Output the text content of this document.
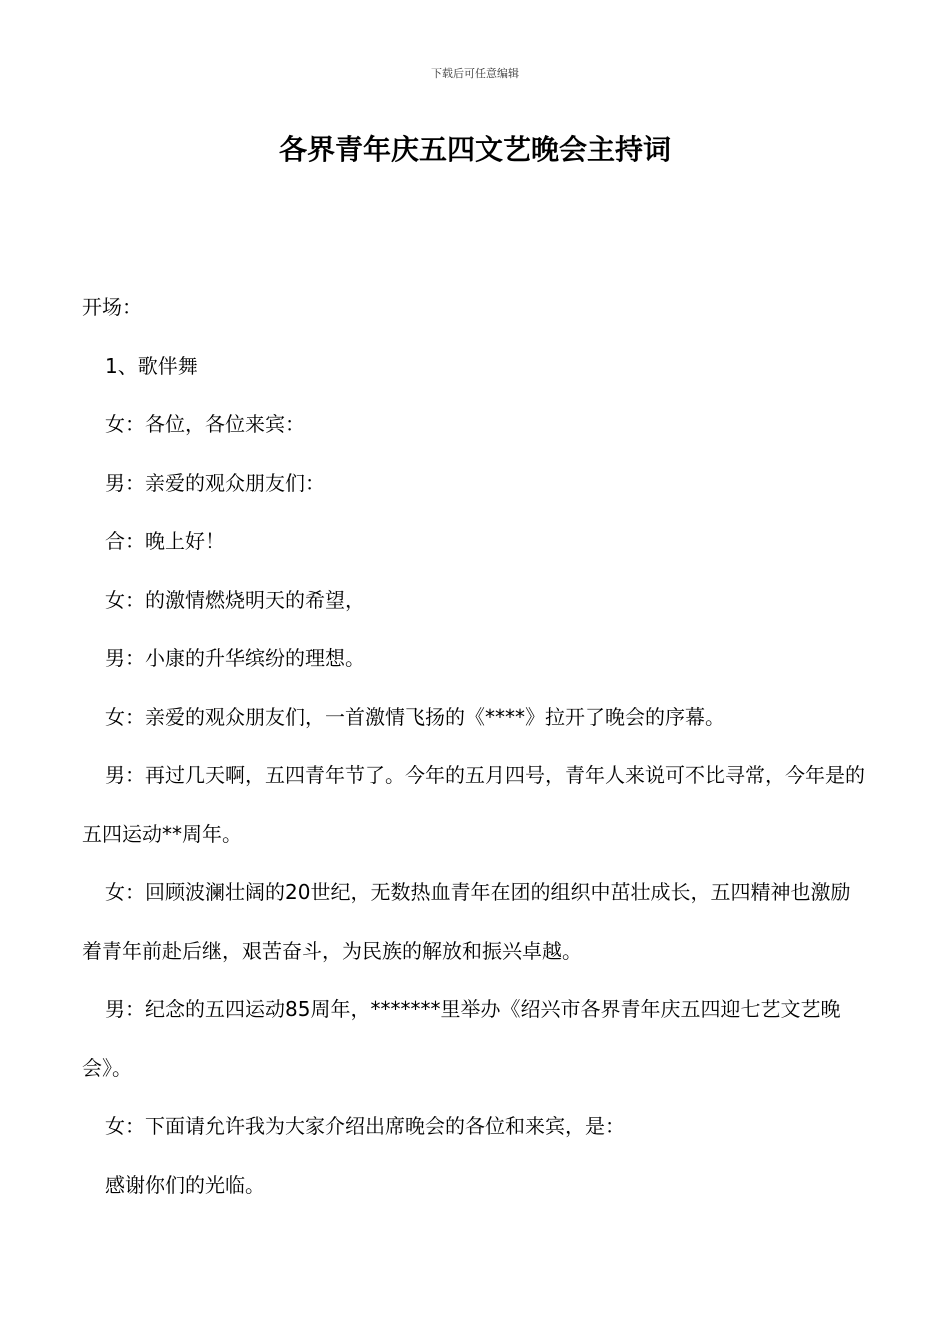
下载后可任意编辑
各界青年庆五四文艺晚会主持词

开场：

1、歌伴舞

女：各位，各位来宾：

男：亲爱的观众朋友们：

合：晚上好！

女：的激情燃烧明天的希望，

男：小康的升华缤纷的理想。

女：亲爱的观众朋友们，一首激情飞扬的《****》拉开了晚会的序幕。

男：再过几天啊，五四青年节了。今年的五月四号，青年人来说可不比寻常，今年是的五四运动**周年。

女：回顾波澜壮阔的20世纪，无数热血青年在团的组织中茁壮成长，五四精神也激励着青年前赴后继，艰苦奋斗，为民族的解放和振兴卓越。

男：纪念的五四运动85周年，*******里举办《绍兴市各界青年庆五四迎七艺文艺晚会》。

女：下面请允许我为大家介绍出席晚会的各位和来宾，是：

感谢你们的光临。
